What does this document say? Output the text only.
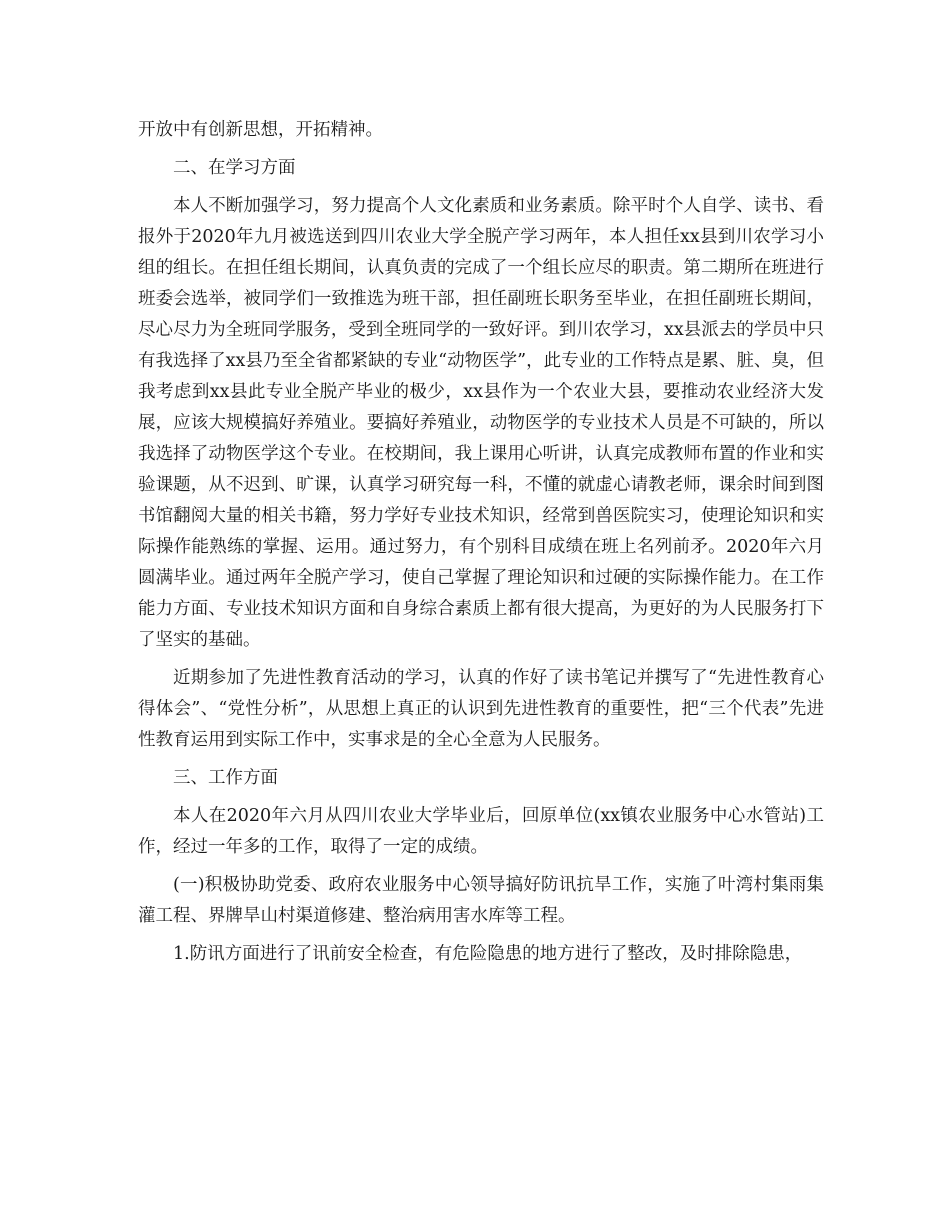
开放中有创新思想，开拓精神。

二、在学习方面

本人不断加强学习，努力提高个人文化素质和业务素质。除平时个人自学、读书、看报外于2020年九月被选送到四川农业大学全脱产学习两年，本人担任xx县到川农学习小组的组长。在担任组长期间，认真负责的完成了一个组长应尽的职责。第二期所在班进行班委会选举，被同学们一致推选为班干部，担任副班长职务至毕业，在担任副班长期间，尽心尽力为全班同学服务，受到全班同学的一致好评。到川农学习，xx县派去的学员中只有我选择了xx县乃至全省都紧缺的专业“动物医学”，此专业的工作特点是累、脏、臭，但我考虑到xx县此专业全脱产毕业的极少，xx县作为一个农业大县，要推动农业经济大发展，应该大规模搞好养殖业。要搞好养殖业，动物医学的专业技术人员是不可缺的，所以我选择了动物医学这个专业。在校期间，我上课用心听讲，认真完成教师布置的作业和实验课题，从不迟到、旷课，认真学习研究每一科，不懂的就虚心请教老师，课余时间到图书馆翻阅大量的相关书籍，努力学好专业技术知识，经常到兽医院实习，使理论知识和实际操作能熟练的掌握、运用。通过努力，有个别科目成绩在班上名列前矛。2020年六月圆满毕业。通过两年全脱产学习，使自己掌握了理论知识和过硬的实际操作能力。在工作能力方面、专业技术知识方面和自身综合素质上都有很大提高，为更好的为人民服务打下了坚实的基础。

近期参加了先进性教育活动的学习，认真的作好了读书笔记并撰写了“先进性教育心得体会”、“党性分析”，从思想上真正的认识到先进性教育的重要性，把“三个代表”先进性教育运用到实际工作中，实事求是的全心全意为人民服务。

三、工作方面

本人在2020年六月从四川农业大学毕业后，回原单位(xx镇农业服务中心水管站)工作，经过一年多的工作，取得了一定的成绩。

(一)积极协助党委、政府农业服务中心领导搞好防讯抗旱工作，实施了叶湾村集雨集灌工程、界牌旱山村渠道修建、整治病用害水库等工程。

1.防讯方面进行了讯前安全检查，有危险隐患的地方进行了整改，及时排除隐患，
